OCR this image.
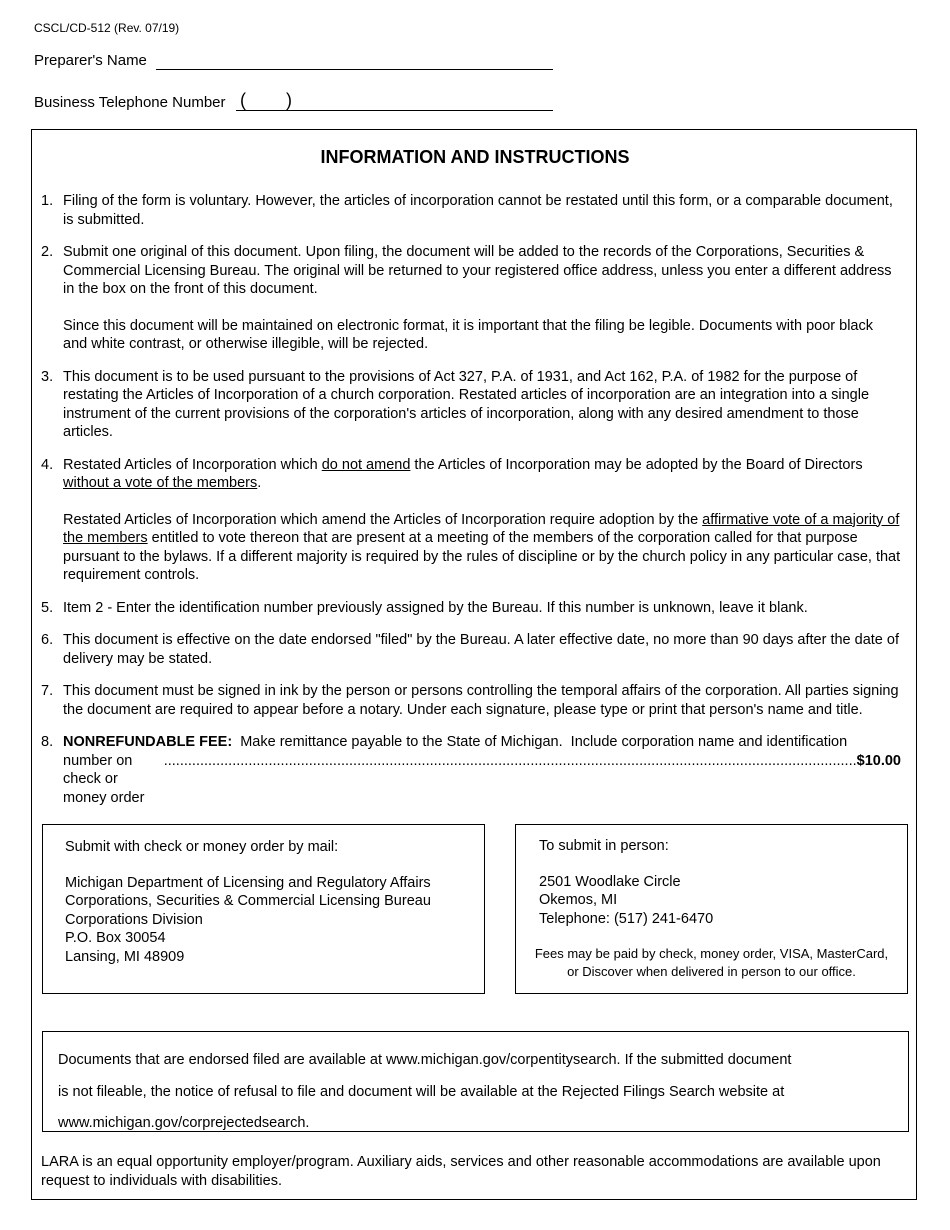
CSCL/CD-512 (Rev. 07/19)
Preparer's Name
Business Telephone Number (        )
INFORMATION AND INSTRUCTIONS
1. Filing of the form is voluntary. However, the articles of incorporation cannot be restated until this form, or a comparable document, is submitted.

2. Submit one original of this document. Upon filing, the document will be added to the records of the Corporations, Securities & Commercial Licensing Bureau. The original will be returned to your registered office address, unless you enter a different address in the box on the front of this document.

Since this document will be maintained on electronic format, it is important that the filing be legible. Documents with poor black and white contrast, or otherwise illegible, will be rejected.

3. This document is to be used pursuant to the provisions of Act 327, P.A. of 1931, and Act 162, P.A. of 1982 for the purpose of restating the Articles of Incorporation of a church corporation. Restated articles of incorporation are an integration into a single instrument of the current provisions of the corporation's articles of incorporation, along with any desired amendment to those articles.

4. Restated Articles of Incorporation which do not amend the Articles of Incorporation may be adopted by the Board of Directors without a vote of the members.

Restated Articles of Incorporation which amend the Articles of Incorporation require adoption by the affirmative vote of a majority of the members entitled to vote thereon that are present at a meeting of the members of the corporation called for that purpose pursuant to the bylaws. If a different majority is required by the rules of discipline or by the church policy in any particular case, that requirement controls.

5. Item 2 - Enter the identification number previously assigned by the Bureau. If this number is unknown, leave it blank.

6. This document is effective on the date endorsed "filed" by the Bureau. A later effective date, no more than 90 days after the date of delivery may be stated.

7. This document must be signed in ink by the person or persons controlling the temporal affairs of the corporation. All parties signing the document are required to appear before a notary. Under each signature, please type or print that person's name and title.

8. NONREFUNDABLE FEE:  Make remittance payable to the State of Michigan.  Include corporation name and identification

number on check or money order
............................................................................................................................................................................ $10.00

Submit with check or money order by mail:

Michigan Department of Licensing and Regulatory Affairs

Corporations, Securities & Commercial Licensing Bureau

Corporations Division

P.O. Box 30054

Lansing, MI 48909

To submit in person:

2501 Woodlake Circle

Okemos, MI

Telephone: (517) 241-6470

Fees may be paid by check, money order, VISA, MasterCard,

or Discover when delivered in person to our office.

Documents that are endorsed filed are available at www.michigan.gov/corpentitysearch. If the submitted document

is not fileable, the notice of refusal to file and document will be available at the Rejected Filings Search website at

www.michigan.gov/corprejectedsearch.

LARA is an equal opportunity employer/program. Auxiliary aids, services and other reasonable accommodations are available upon request to individuals with disabilities.
